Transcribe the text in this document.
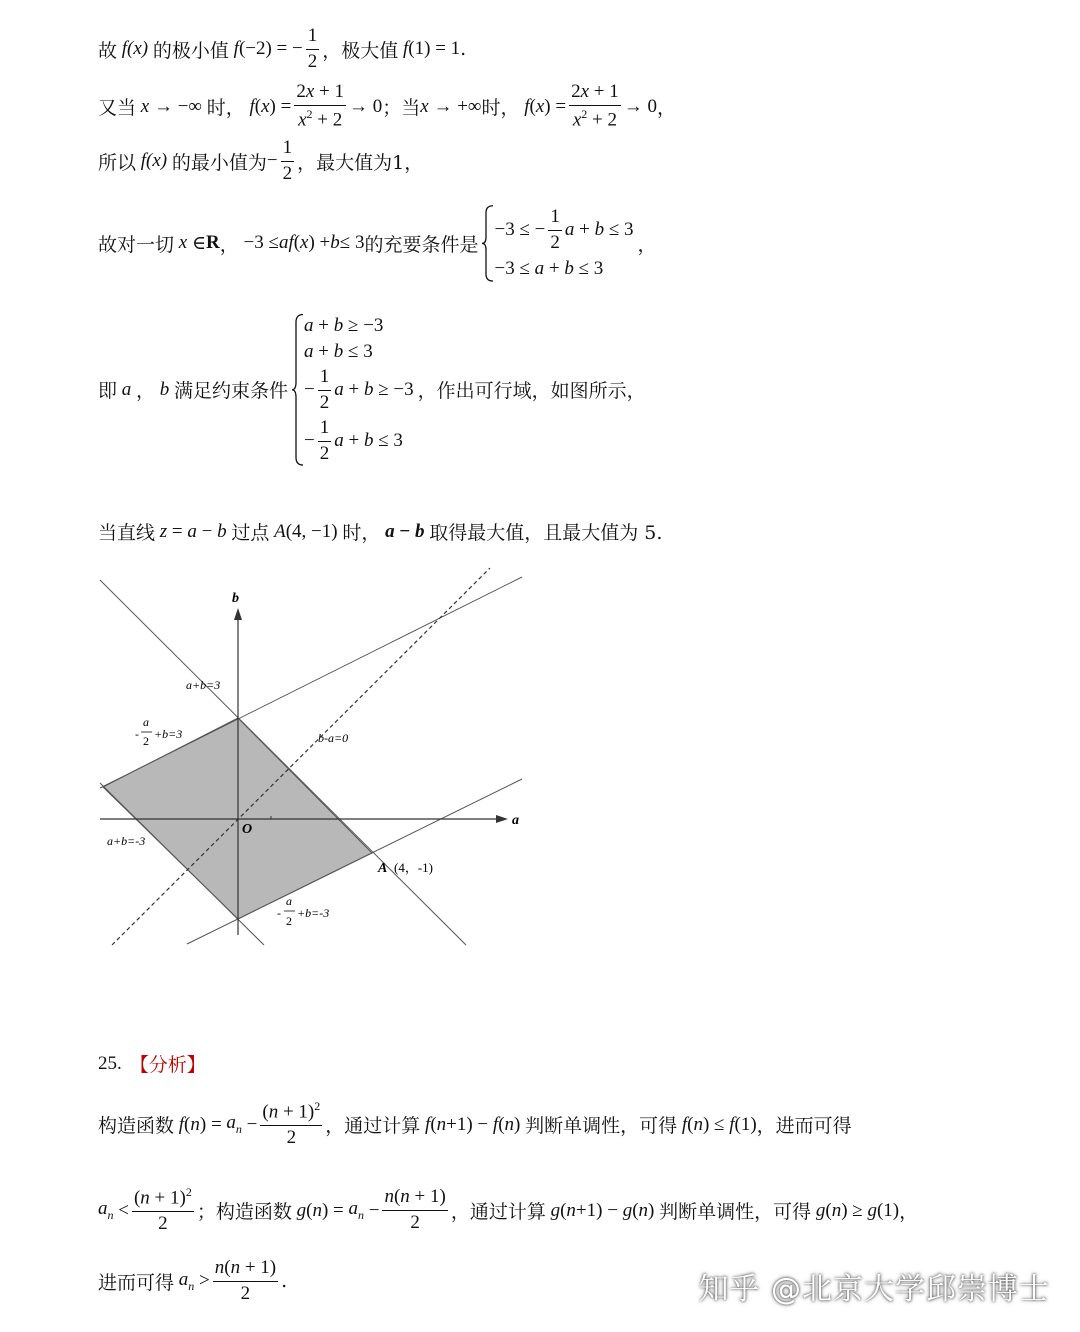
故 f(x) 的极小值 f (−2) = − $\frac{1}{2}$ ，极大值 f (1) = 1 .
又当 x → −∞ 时， f ( x ) = $\frac{2x + 1}{x^2 + 2} \to 0$ ；当 x → +∞ 时， f ( x ) = $\frac{2x + 1}{x^2 + 2} \to 0$ ，
所以 f(x) 的最小值为 − $\frac{1}{2}$ ，最大值为1，
故对一切 x ∈ R ， −3 ≤ af ( x ) + b ≤ 3 的充要条件是
−3 ≤ − $\frac{1}{2}$ a + b ≤ 3
−3 ≤ a + b ≤ 3
，
即 a ， b 满足约束条件
a + b ≥ −3
a + b ≤ 3
− $\frac{1}{2}$ a + b ≥ −3
− $\frac{1}{2}$ a + b ≤ 3
，作出可行域，如图所示，
当直线 z = a − b 过点 A (4, −1) 时， a − b 取得最大值，且最大值为 5.
b
a
O
A (4，-1)
a+b=3
a+b=-3
b-a=0
-
a
2 +b=3
-
a
2
+b=-3
25. 【分析】
构造函数 f ( n ) = $a_n - \frac{(n + 1)^2}{2}$ ，通过计算 f ( n +1) − f ( n ) 判断单调性，可得 f ( n ) ≤ f (1) ，进而可得
$a_n < \frac{(n + 1)^2}{2}$ ；构造函数 g ( n ) = $a_n - \frac{n(n + 1)}{2}$ ，通过计算 g ( n +1) − g ( n ) 判断单调性，可得 g ( n ) ≥ g (1) ，
进而可得 $a_n > \frac{n(n + 1)}{2}$ .	知乎 @北京大学邱崇博士
